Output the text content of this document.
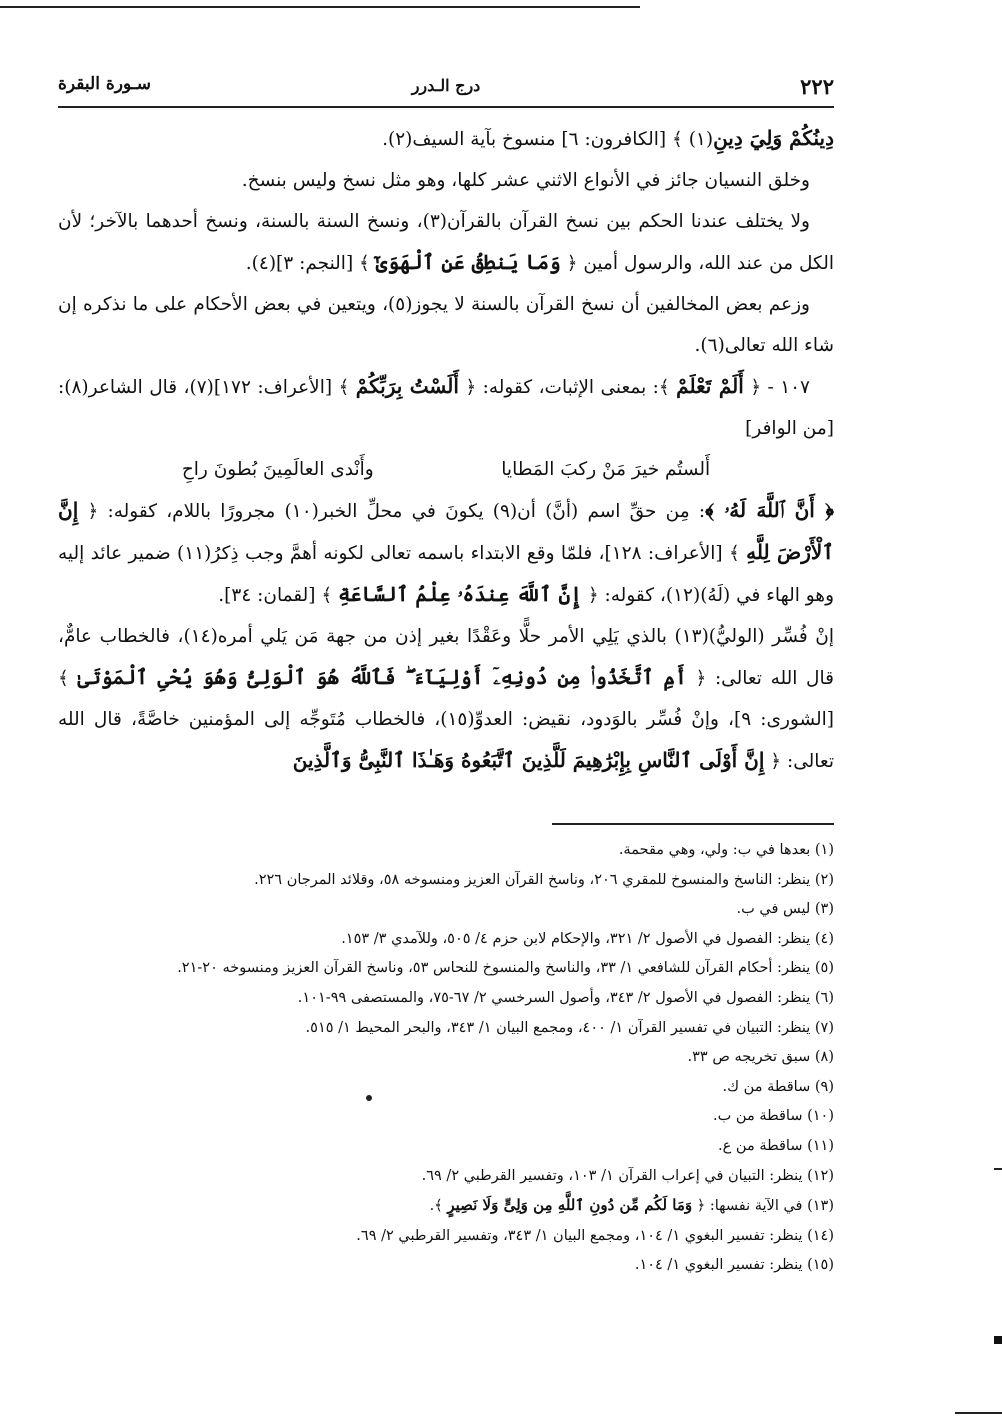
٢٢٢
درج الـدرر
سـورة البقرة

دِينُكُمْ وَلِيَ دِينِ(١) ﴾ [الكافرون: ٦] منسوخ بآية السيف(٢).

وخلق النسيان جائز في الأنواع الاثني عشر كلها، وهو مثل نسخ وليس بنسخ.

ولا يختلف عندنا الحكم بين نسخ القرآن بالقرآن(٣)، ونسخ السنة بالسنة، ونسخ أحدهما بالآخر؛ لأن الكل من عند الله، والرسول أمين ﴿ وَمَا يَنطِقُ عَنِ ٱلْهَوَىٰٓ ﴾ [النجم: ٣](٤).

وزعم بعض المخالفين أن نسخ القرآن بالسنة لا يجوز(٥)، ويتعين في بعض الأحكام على ما نذكره إن شاء الله تعالى(٦).

١٠٧ - ﴿ أَلَمْ تَعْلَمْ ﴾: بمعنى الإثبات، كقوله: ﴿ أَلَسْتُ بِرَبِّكُمْ ﴾ [الأعراف: ١٧٢](٧)، قال الشاعر(٨): [من الوافر]

أَلستُم خيرَ مَنْ ركبَ المَطايا
وأَنْدى العالَمِينَ بُطونَ راحِ

﴿ أَنَّ ٱللَّهَ لَهُۥ ﴾: مِن حقِّ اسم (أنَّ) أن(٩) يكونَ في محلِّ الخبر(١٠) مجرورًا باللام، كقوله: ﴿ إِنَّ ٱلْأَرْضَ لِلَّهِ ﴾ [الأعراف: ١٢٨]، فلمّا وقع الابتداء باسمه تعالى لكونه أهمَّ وجب ذِكرُ(١١) ضمير عائد إليه وهو الهاء في (لَهُ)(١٢)، كقوله: ﴿ إِنَّ ٱللَّهَ عِندَهُۥ عِلْمُ ٱلسَّاعَةِ ﴾ [لقمان: ٣٤].

إنْ فُسِّر (الوليُّ)(١٣) بالذي يَلِي الأمر حلًّا وعَقْدًا بغير إذن من جهة مَن يَلي أمره(١٤)، فالخطاب عامٌّ، قال الله تعالى: ﴿ أَمِ ٱتَّخَذُوا۟ مِن دُونِهِۦٓ أَوْلِيَآءَ ۖ فَٱللَّهُ هُوَ ٱلْوَلِىُّ وَهُوَ يُحْىِ ٱلْمَوْتَىٰ ﴾ [الشورى: ٩]، وإنْ فُسِّر بالوَدود، نقيض: العدوِّ(١٥)، فالخطاب مُتَوجِّه إلى المؤمنين خاصَّةً، قال الله تعالى: ﴿ إِنَّ أَوْلَى ٱلنَّاسِ بِإِبْرَٰهِيمَ لَلَّذِينَ ٱتَّبَعُوهُ وَهَـٰذَا ٱلنَّبِىُّ وَٱلَّذِينَ

(١) بعدها في ب: ولي، وهي مقحمة.
(٢) ينظر: الناسخ والمنسوخ للمقري ٢٠٦، وناسخ القرآن العزيز ومنسوخه ٥٨، وقلائد المرجان ٢٢٦.
(٣) ليس في ب.
(٤) ينظر: الفصول في الأصول ٢/ ٣٢١، والإحكام لابن حزم ٤/ ٥٠٥، وللآمدي ٣/ ١٥٣.
(٥) ينظر: أحكام القرآن للشافعي ١/ ٣٣، والناسخ والمنسوخ للنحاس ٥٣، وناسخ القرآن العزيز ومنسوخه ٢٠-٢١.
(٦) ينظر: الفصول في الأصول ٢/ ٣٤٣، وأصول السرخسي ٢/ ٦٧-٧٥، والمستصفى ٩٩-١٠١.
(٧) ينظر: التبيان في تفسير القرآن ١/ ٤٠٠، ومجمع البيان ١/ ٣٤٣، والبحر المحيط ١/ ٥١٥.
(٨) سبق تخريجه ص ٣٣.
(٩) ساقطة من ك.
(١٠) ساقطة من ب.
(١١) ساقطة من ع.
(١٢) ينظر: التبيان في إعراب القرآن ١/ ١٠٣، وتفسير القرطبي ٢/ ٦٩.
(١٣) في الآية نفسها: ﴿ وَمَا لَكُم مِّن دُونِ ٱللَّهِ مِن وَلِىٍّ وَلَا نَصِيرٍ ﴾.
(١٤) ينظر: تفسير البغوي ١/ ١٠٤، ومجمع البيان ١/ ٣٤٣، وتفسير القرطبي ٢/ ٦٩.
(١٥) ينظر: تفسير البغوي ١/ ١٠٤.
